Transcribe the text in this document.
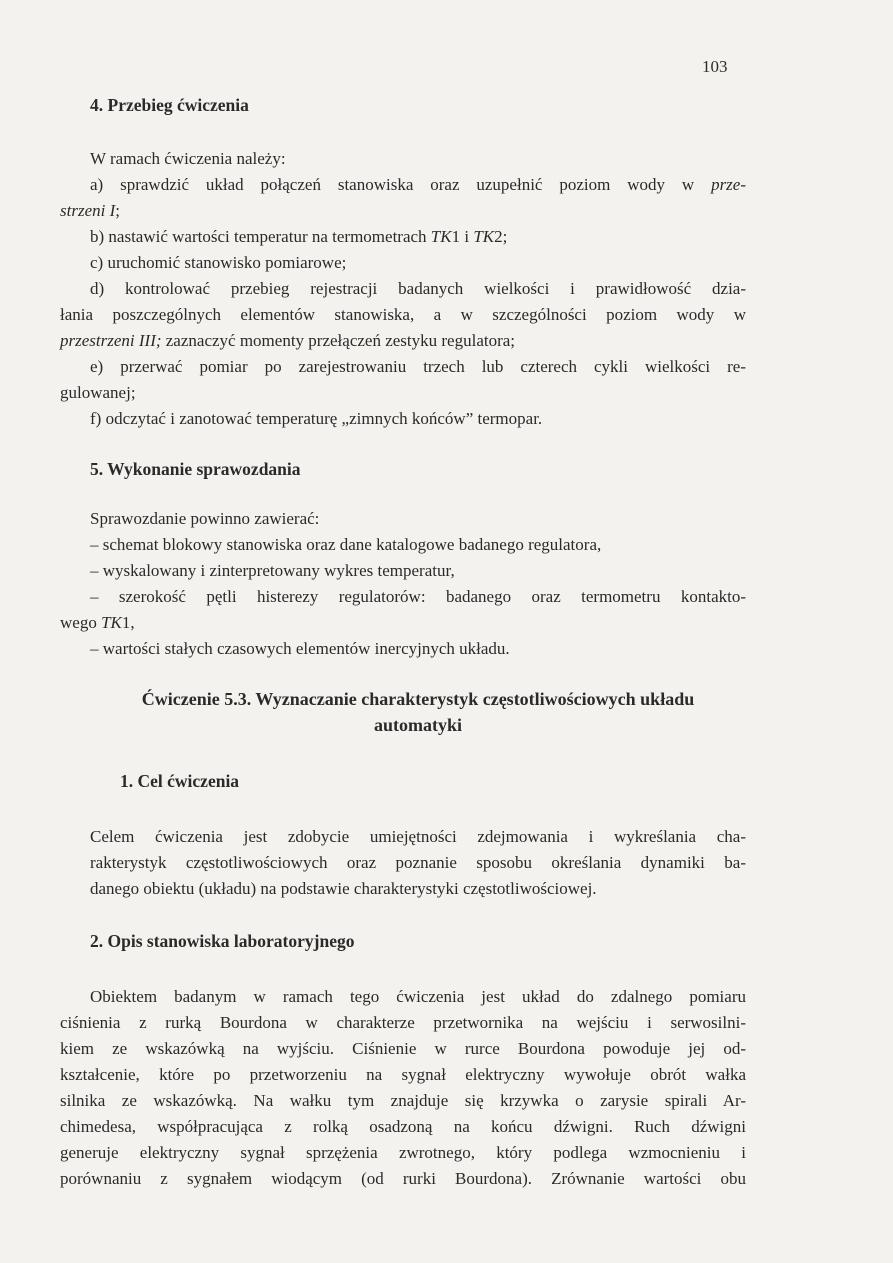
103
4. Przebieg ćwiczenia

W ramach ćwiczenia należy:

a) sprawdzić układ połączeń stanowiska oraz uzupełnić poziom wody w prze-

strzeni I;

b) nastawić wartości temperatur na termometrach TK1 i TK2;

c) uruchomić stanowisko pomiarowe;

d) kontrolować przebieg rejestracji badanych wielkości i prawidłowość dzia-

łania poszczególnych elementów stanowiska, a w szczególności poziom wody w

przestrzeni III; zaznaczyć momenty przełączeń zestyku regulatora;

e) przerwać pomiar po zarejestrowaniu trzech lub czterech cykli wielkości re-

gulowanej;

f) odczytać i zanotować temperaturę „zimnych końców” termopar.

5. Wykonanie sprawozdania

Sprawozdanie powinno zawierać:

– schemat blokowy stanowiska oraz dane katalogowe badanego regulatora,

– wyskalowany i zinterpretowany wykres temperatur,

– szerokość pętli histerezy regulatorów: badanego oraz termometru kontakto-

wego TK1,

– wartości stałych czasowych elementów inercyjnych układu.

Ćwiczenie 5.3. Wyznaczanie charakterystyk częstotliwościowych układu

automatyki

1. Cel ćwiczenia

Celem ćwiczenia jest zdobycie umiejętności zdejmowania i wykreślania cha-

rakterystyk częstotliwościowych oraz poznanie sposobu określania dynamiki ba-

danego obiektu (układu) na podstawie charakterystyki częstotliwościowej.

2. Opis stanowiska laboratoryjnego

Obiektem badanym w ramach tego ćwiczenia jest układ do zdalnego pomiaru

ciśnienia z rurką Bourdona w charakterze przetwornika na wejściu i serwosilni-

kiem ze wskazówką na wyjściu. Ciśnienie w rurce Bourdona powoduje jej od-

kształcenie, które po przetworzeniu na sygnał elektryczny wywołuje obrót wałka

silnika ze wskazówką. Na wałku tym znajduje się krzywka o zarysie spirali Ar-

chimedesa, współpracująca z rolką osadzoną na końcu dźwigni. Ruch dźwigni

generuje elektryczny sygnał sprzężenia zwrotnego, który podlega wzmocnieniu i

porównaniu z sygnałem wiodącym (od rurki Bourdona). Zrównanie wartości obu
